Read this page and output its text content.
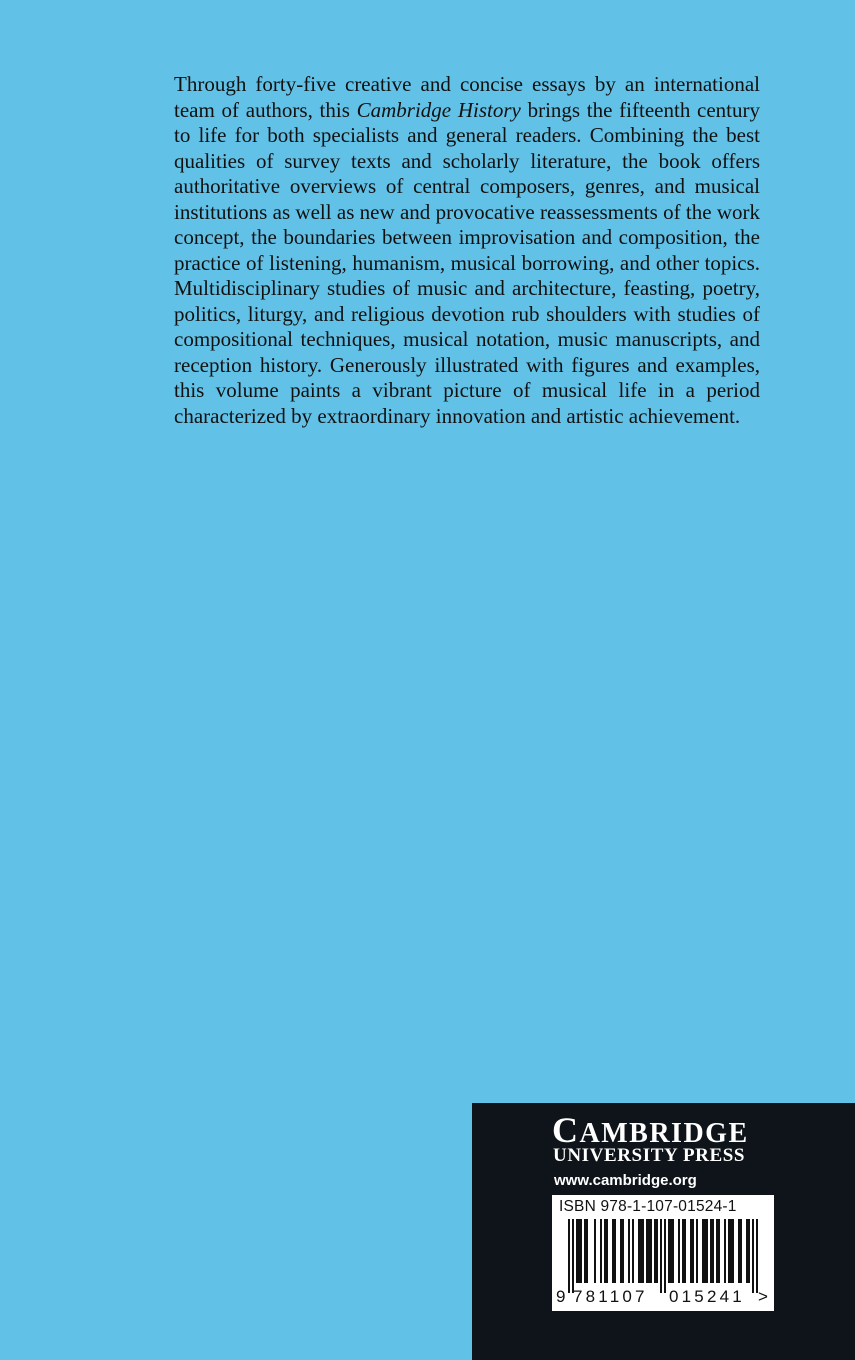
Through forty-five creative and concise essays by an international team of authors, this Cambridge History brings the fifteenth century to life for both specialists and general readers. Combining the best qualities of survey texts and scholarly literature, the book offers authoritative overviews of central composers, genres, and musical institutions as well as new and provocative reassessments of the work concept, the boundaries between improvisation and composition, the practice of listening, humanism, musical borrowing, and other topics. Multidisciplinary studies of music and architecture, feasting, poetry, politics, liturgy, and religious devotion rub shoulders with studies of compositional techniques, musical notation, music manuscripts, and reception history. Generously illustrated with figures and examples, this volume paints a vibrant picture of musical life in a period characterized by extraordinary innovation and artistic achievement.

CAMBRIDGE
UNIVERSITY PRESS
www.cambridge.org
ISBN 978-1-107-01524-1
9 781107 015241 >
